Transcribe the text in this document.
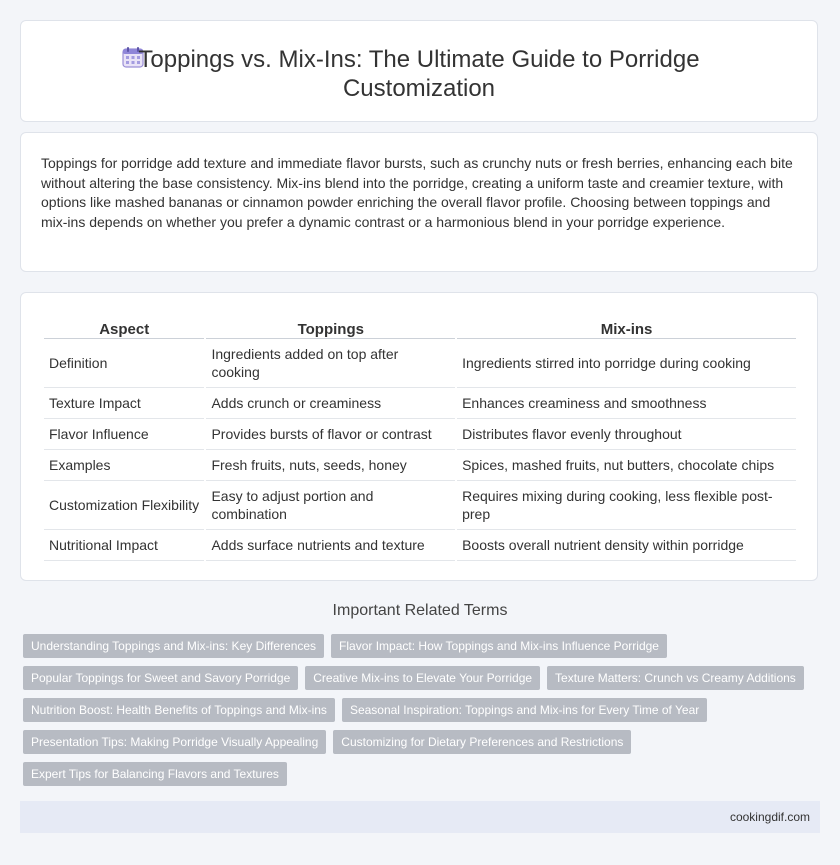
Toppings vs. Mix-Ins: The Ultimate Guide to Porridge Customization

Toppings for porridge add texture and immediate flavor bursts, such as crunchy nuts or fresh berries, enhancing each bite without altering the base consistency. Mix-ins blend into the porridge, creating a uniform taste and creamier texture, with options like mashed bananas or cinnamon powder enriching the overall flavor profile. Choosing between toppings and mix-ins depends on whether you prefer a dynamic contrast or a harmonious blend in your porridge experience.

Aspect	Toppings	Mix-ins
Definition	Ingredients added on top after cooking	Ingredients stirred into porridge during cooking
Texture Impact	Adds crunch or creaminess	Enhances creaminess and smoothness
Flavor Influence	Provides bursts of flavor or contrast	Distributes flavor evenly throughout
Examples	Fresh fruits, nuts, seeds, honey	Spices, mashed fruits, nut butters, chocolate chips
Customization Flexibility	Easy to adjust portion and combination	Requires mixing during cooking, less flexible post-prep
Nutritional Impact	Adds surface nutrients and texture	Boosts overall nutrient density within porridge
Important Related Terms
Understanding Toppings and Mix-ins: Key Differences	Flavor Impact: How Toppings and Mix-ins Influence Porridge
Popular Toppings for Sweet and Savory Porridge	Creative Mix-ins to Elevate Your Porridge	Texture Matters: Crunch vs Creamy Additions
Nutrition Boost: Health Benefits of Toppings and Mix-ins	Seasonal Inspiration: Toppings and Mix-ins for Every Time of Year
Presentation Tips: Making Porridge Visually Appealing	Customizing for Dietary Preferences and Restrictions
Expert Tips for Balancing Flavors and Textures
cookingdif.com
